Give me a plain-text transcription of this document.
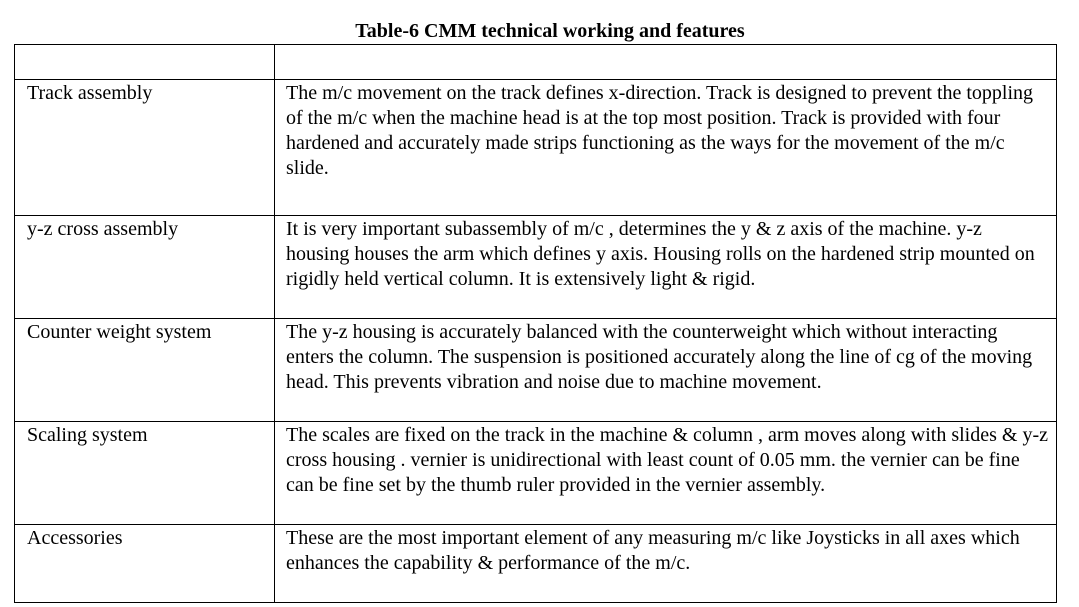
Table-6 CMM technical working and features

Track assembly	The m/c movement on the track defines x-direction. Track is designed to prevent the toppling of the m/c when the machine head is at the top most position. Track is provided with four hardened and accurately made strips functioning as the ways for the movement of the m/c slide.

y-z cross assembly	It is very important subassembly of m/c , determines the y & z axis of the machine. y-z housing houses the arm which defines y axis. Housing rolls on the hardened strip mounted on rigidly held vertical column. It is extensively light & rigid.

Counter weight system	The y-z housing is accurately balanced with the counterweight which without interacting enters the column. The suspension is positioned accurately along the line of cg of the moving head. This prevents vibration and noise due to machine movement.

Scaling system	The scales are fixed on the track in the machine & column , arm moves along with slides & y-z cross housing . vernier is unidirectional with least count of 0.05 mm. the vernier can be fine can be fine set by the thumb ruler provided in the vernier assembly.

Accessories	These are the most important element of any measuring m/c like Joysticks in all axes which enhances the capability & performance of the m/c.
